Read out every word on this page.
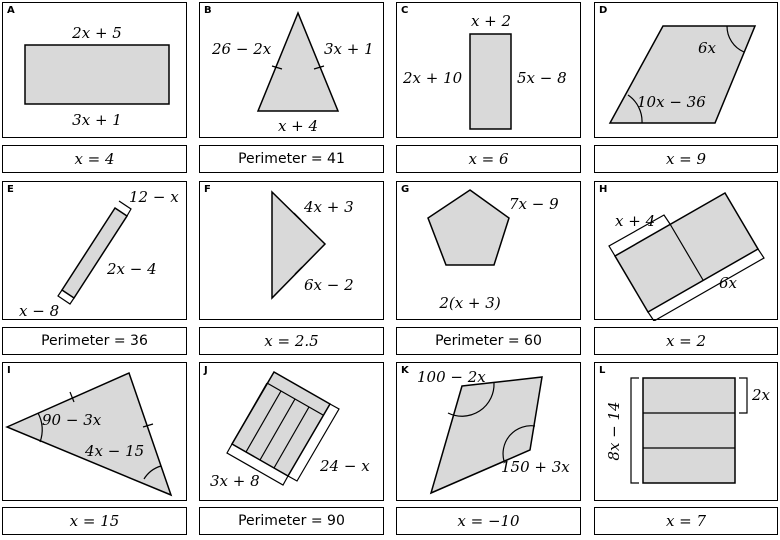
A
2x + 5
3x + 1
x = 4
B
26 − 2x	3x + 1
x + 4
Perimeter = 41
C
x + 2
2x + 10	5x − 8
x = 6
D
6x
10x − 36
x = 9
E	12 − x
2x − 4
x − 8
Perimeter = 36
F
4x + 3
6x − 2
x = 2.5
G
7x − 9
2(x + 3)
Perimeter = 60
H
x + 4
6x
x = 2
I
90 − 3x
4x − 15
x = 15
J
3x + 8
24 − x
Perimeter = 90
K 100 − 2x
150 + 3x
x = −10
L
8x − 14
2x
x = 7
